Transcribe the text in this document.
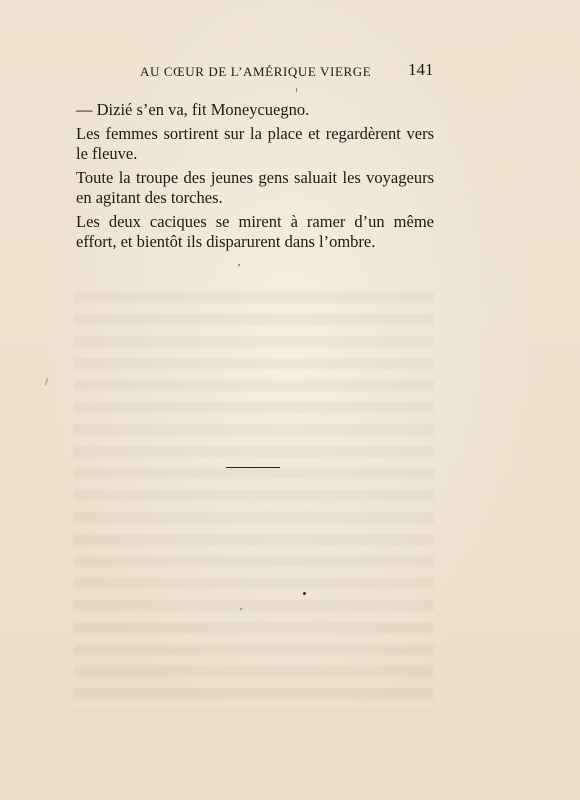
AU CŒUR DE L’AMÉRIQUE VIERGE 141

— Dizié s’en va, fit Moneycuegno.

Les femmes sortirent sur la place et regardèrent vers le fleuve.

Toute la troupe des jeunes gens saluait les voyageurs en agitant des torches.

Les deux caciques se mirent à ramer d’un même effort, et bientôt ils disparurent dans l’ombre.
